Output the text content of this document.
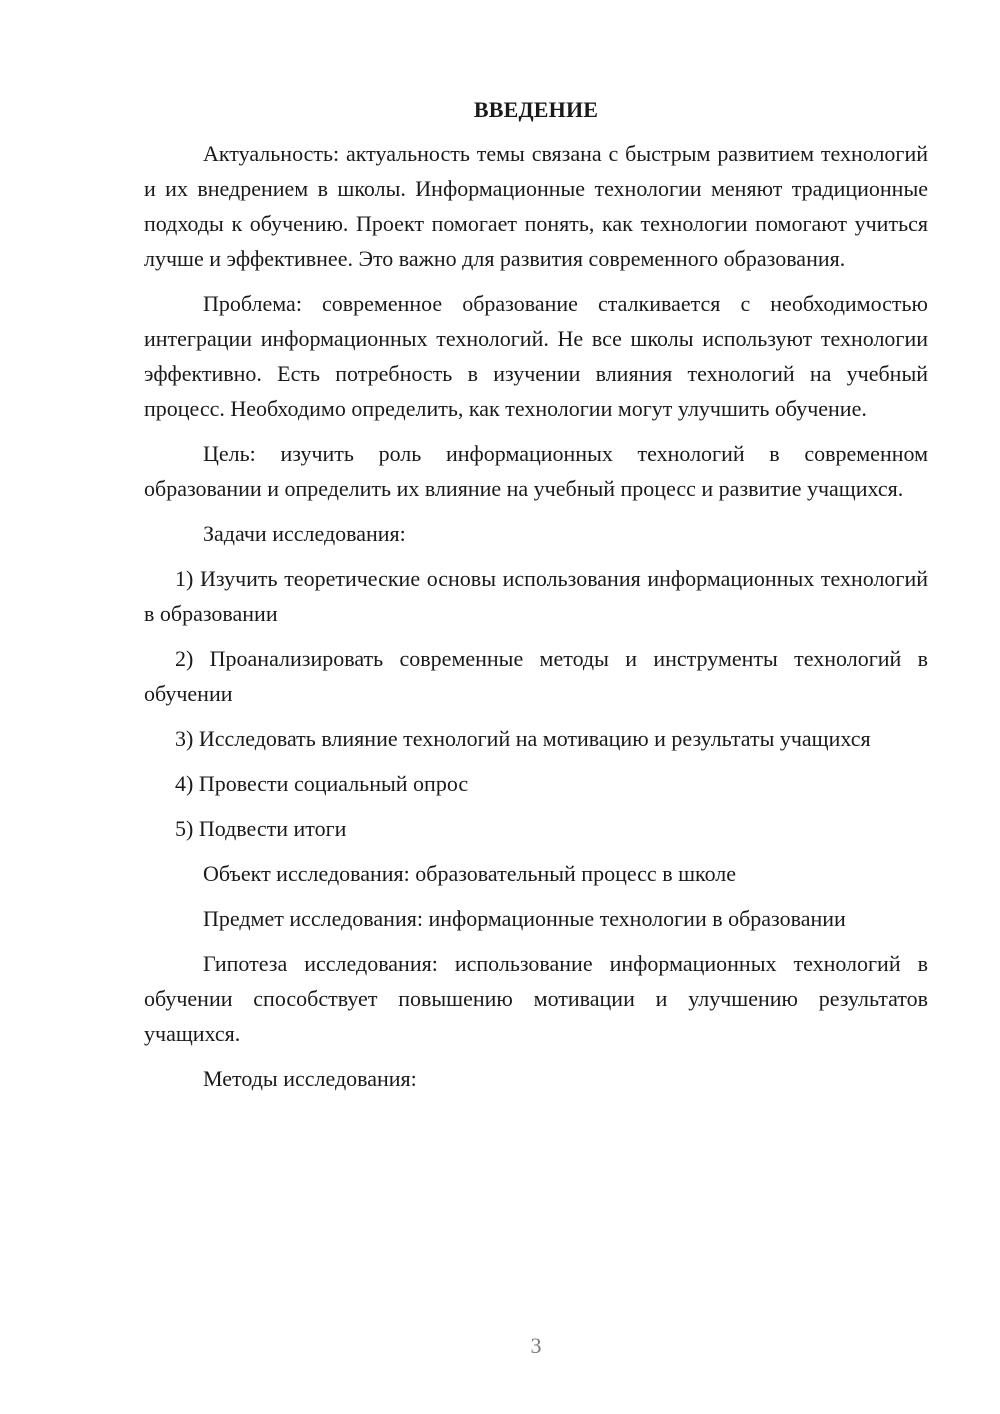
ВВЕДЕНИЕ

Актуальность: актуальность темы связана с быстрым развитием технологий и их внедрением в школы. Информационные технологии меняют традиционные подходы к обучению. Проект помогает понять, как технологии помогают учиться лучше и эффективнее. Это важно для развития современного образования.

Проблема: современное образование сталкивается с необходимостью интеграции информационных технологий. Не все школы используют технологии эффективно. Есть потребность в изучении влияния технологий на учебный процесс. Необходимо определить, как технологии могут улучшить обучение.

Цель: изучить роль информационных технологий в современном образовании и определить их влияние на учебный процесс и развитие учащихся.

Задачи исследования:

1) Изучить теоретические основы использования информационных технологий в образовании

2) Проанализировать современные методы и инструменты технологий в обучении

3) Исследовать влияние технологий на мотивацию и результаты учащихся

4) Провести социальный опрос

5) Подвести итоги

Объект исследования: образовательный процесс в школе

Предмет исследования: информационные технологии в образовании

Гипотеза исследования: использование информационных технологий в обучении способствует повышению мотивации и улучшению результатов учащихся.

Методы исследования:

3
